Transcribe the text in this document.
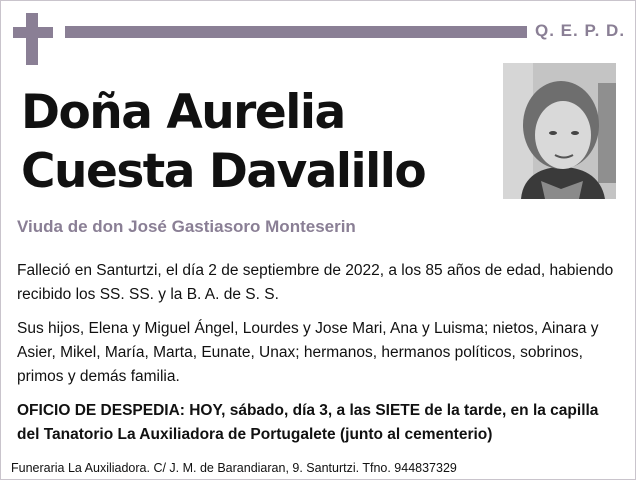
Q. E. P. D.
Doña Aurelia
Cuesta Davalillo
Viuda de don José Gastiasoro Monteserin
Falleció en Santurtzi, el día 2 de septiembre de 2022, a los 85 años de edad, habiendo recibido los SS. SS. y la B. A. de S. S.
Sus hijos, Elena y Miguel Ángel, Lourdes y Jose Mari, Ana y Luisma; nietos, Ainara y Asier, Mikel, María, Marta, Eunate, Unax; hermanos, hermanos políticos, sobrinos, primos y demás familia.
OFICIO DE DESPEDIA: HOY, sábado, día 3, a las SIETE de la tarde, en la capilla del Tanatorio La Auxiliadora de Portugalete (junto al cementerio)
Funeraria La Auxiliadora. C/ J. M. de Barandiaran, 9. Santurtzi. Tfno. 944837329
